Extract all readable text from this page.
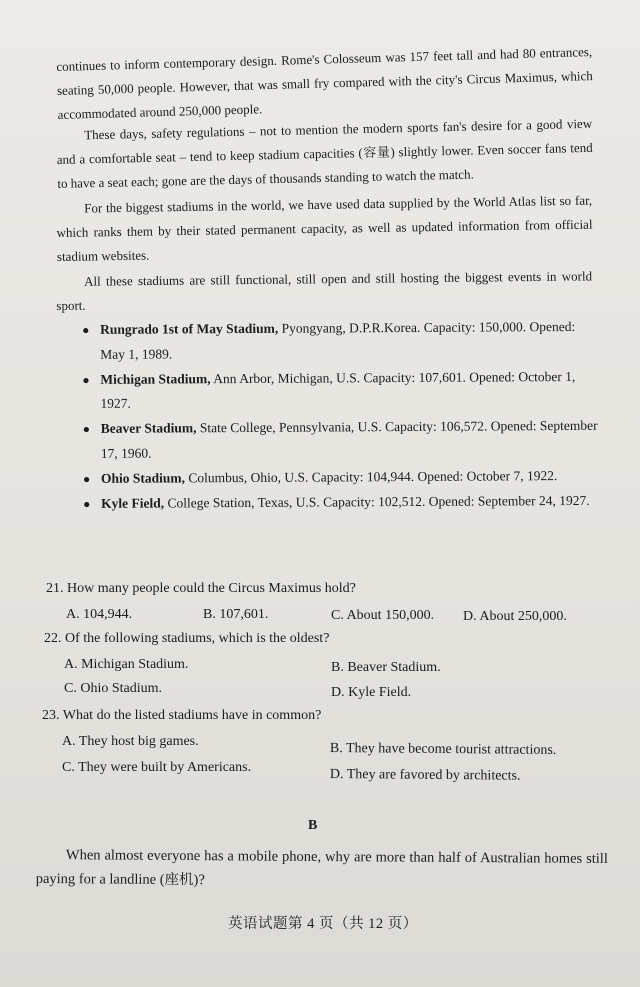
continues to inform contemporary design. Rome's Colosseum was 157 feet tall and had 80 entrances, seating 50,000 people. However, that was small fry compared with the city's Circus Maximus, which accommodated around 250,000 people.
These days, safety regulations – not to mention the modern sports fan's desire for a good view and a comfortable seat – tend to keep stadium capacities (容量) slightly lower. Even soccer fans tend to have a seat each; gone are the days of thousands standing to watch the match.
For the biggest stadiums in the world, we have used data supplied by the World Atlas list so far, which ranks them by their stated permanent capacity, as well as updated information from official stadium websites.
All these stadiums are still functional, still open and still hosting the biggest events in world sport.
● Rungrado 1st of May Stadium, Pyongyang, D.P.R.Korea. Capacity: 150,000. Opened: May 1, 1989.
● Michigan Stadium, Ann Arbor, Michigan, U.S. Capacity: 107,601. Opened: October 1, 1927.
● Beaver Stadium, State College, Pennsylvania, U.S. Capacity: 106,572. Opened: September 17, 1960.
● Ohio Stadium, Columbus, Ohio, U.S. Capacity: 104,944. Opened: October 7, 1922.
● Kyle Field, College Station, Texas, U.S. Capacity: 102,512. Opened: September 24, 1927.
21. How many people could the Circus Maximus hold?
A. 104,944.	B. 107,601.	C. About 150,000. D. About 250,000.
22. Of the following stadiums, which is the oldest?
A. Michigan Stadium.	B. Beaver Stadium.
C. Ohio Stadium.	D. Kyle Field.
23. What do the listed stadiums have in common?
A. They host big games.	B. They have become tourist attractions.
C. They were built by Americans.	D. They are favored by architects.
B
When almost everyone has a mobile phone, why are more than half of Australian homes still paying for a landline (座机)?
英语试题第 4 页（共 12 页）
